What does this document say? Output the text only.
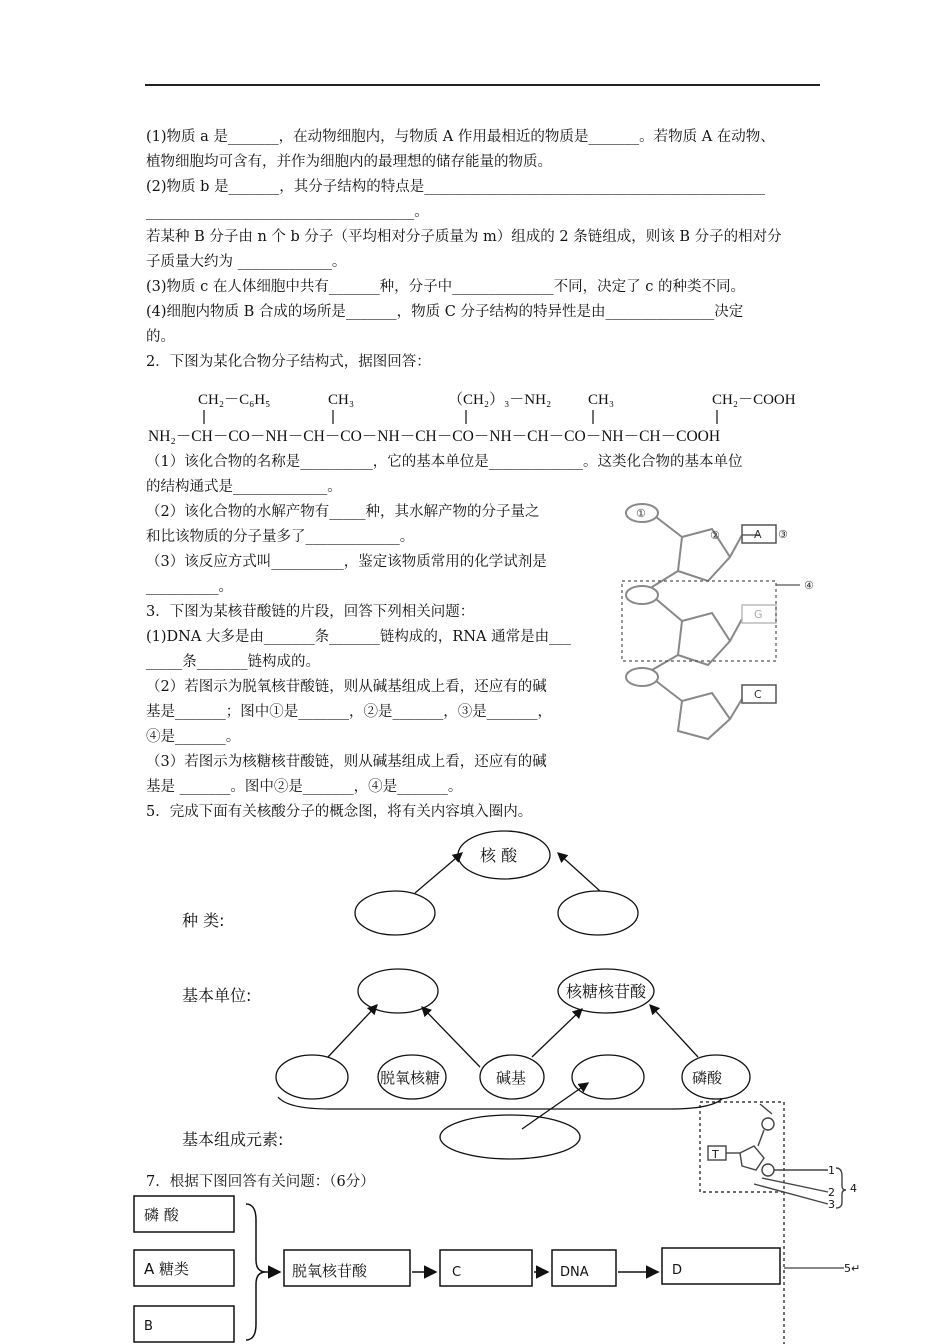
(1)物质 a 是_______，在动物细胞内，与物质 A 作用最相近的物质是_______。若物质 A 在动物、
植物细胞均可含有，并作为细胞内的最理想的储存能量的物质。
(2)物质 b 是_______，其分子结构的特点是_______________________________________________
_____________________________________。
若某种 B 分子由 n 个 b 分子（平均相对分子质量为 m）组成的 2 条链组成，则该 B 分子的相对分
子质量大约为 _____________。
(3)物质 c 在人体细胞中共有_______种，分子中______________不同，决定了 c 的种类不同。
(4)细胞内物质 B 合成的场所是_______，物质 C 分子结构的特异性是由_______________决定
的。
2．下图为某化合物分子结构式，据图回答：
CH₂－C₆H₅	CH₃	（CH₂）₃－NH₂ CH₃	CH₂－COOH
NH₂－CH－CO－NH－CH－CO－NH－CH－CO－NH－CH－CO－NH－CH－COOH
（1）该化合物的名称是__________，它的基本单位是_____________。这类化合物的基本单位
的结构通式是_____________。
（2）该化合物的水解产物有_____种，其水解产物的分子量之
和比该物质的分子量多了_____________。
（3）该反应方式叫__________，鉴定该物质常用的化学试剂是
__________。
3．下图为某核苷酸链的片段，回答下列相关问题：
(1)DNA 大多是由_______条_______链构成的，RNA 通常是由___
_____条_______链构成的。
（2）若图示为脱氧核苷酸链，则从碱基组成上看，还应有的碱
基是_______；图中①是_______，②是_______，③是_______，
④是_______。
（3）若图示为核糖核苷酸链，则从碱基组成上看，还应有的碱
基是 _______。图中②是_______，④是_______。
①
②	③
④
A
G
C
5．完成下面有关核酸分子的概念图，将有关内容填入圈内。
核 酸
种 类:
基本单位:
基本组成元素:
核糖核苷酸
脱氧核糖	碱基	磷酸
7．根据下图回答有关问题：（6分）
磷 酸
A 糖类
B
脱氧核苷酸	C	DNA	D
T
1
2
3
4
5↵
